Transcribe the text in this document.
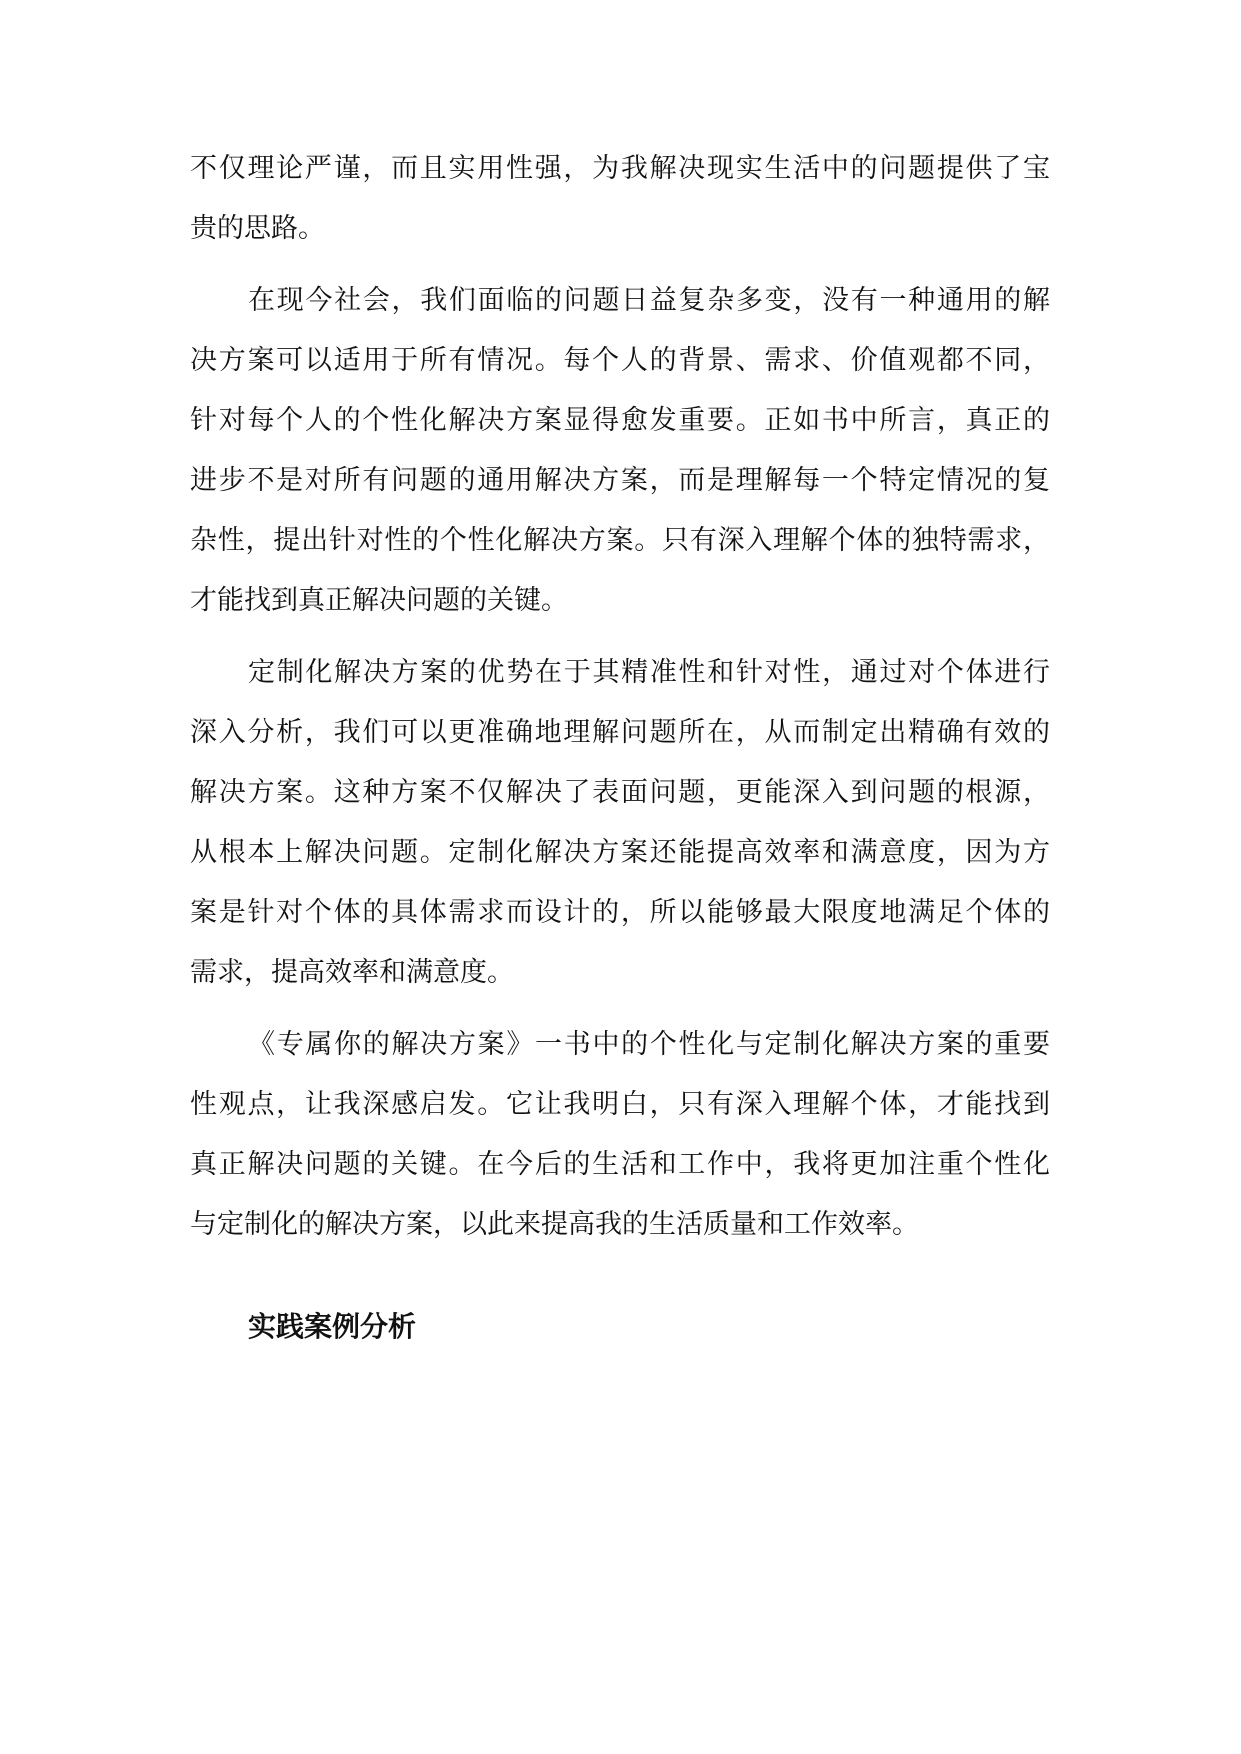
不仅理论严谨，而且实用性强，为我解决现实生活中的问题提供了宝
贵的思路。
在现今社会，我们面临的问题日益复杂多变，没有一种通用的解
决方案可以适用于所有情况。每个人的背景、需求、价值观都不同，
针对每个人的个性化解决方案显得愈发重要。正如书中所言，真正的
进步不是对所有问题的通用解决方案，而是理解每一个特定情况的复
杂性，提出针对性的个性化解决方案。只有深入理解个体的独特需求，
才能找到真正解决问题的关键。
定制化解决方案的优势在于其精准性和针对性，通过对个体进行
深入分析，我们可以更准确地理解问题所在，从而制定出精确有效的
解决方案。这种方案不仅解决了表面问题，更能深入到问题的根源，
从根本上解决问题。定制化解决方案还能提高效率和满意度，因为方
案是针对个体的具体需求而设计的，所以能够最大限度地满足个体的
需求，提高效率和满意度。
《专属你的解决方案》一书中的个性化与定制化解决方案的重要
性观点，让我深感启发。它让我明白，只有深入理解个体，才能找到
真正解决问题的关键。在今后的生活和工作中，我将更加注重个性化
与定制化的解决方案，以此来提高我的生活质量和工作效率。
实践案例分析
